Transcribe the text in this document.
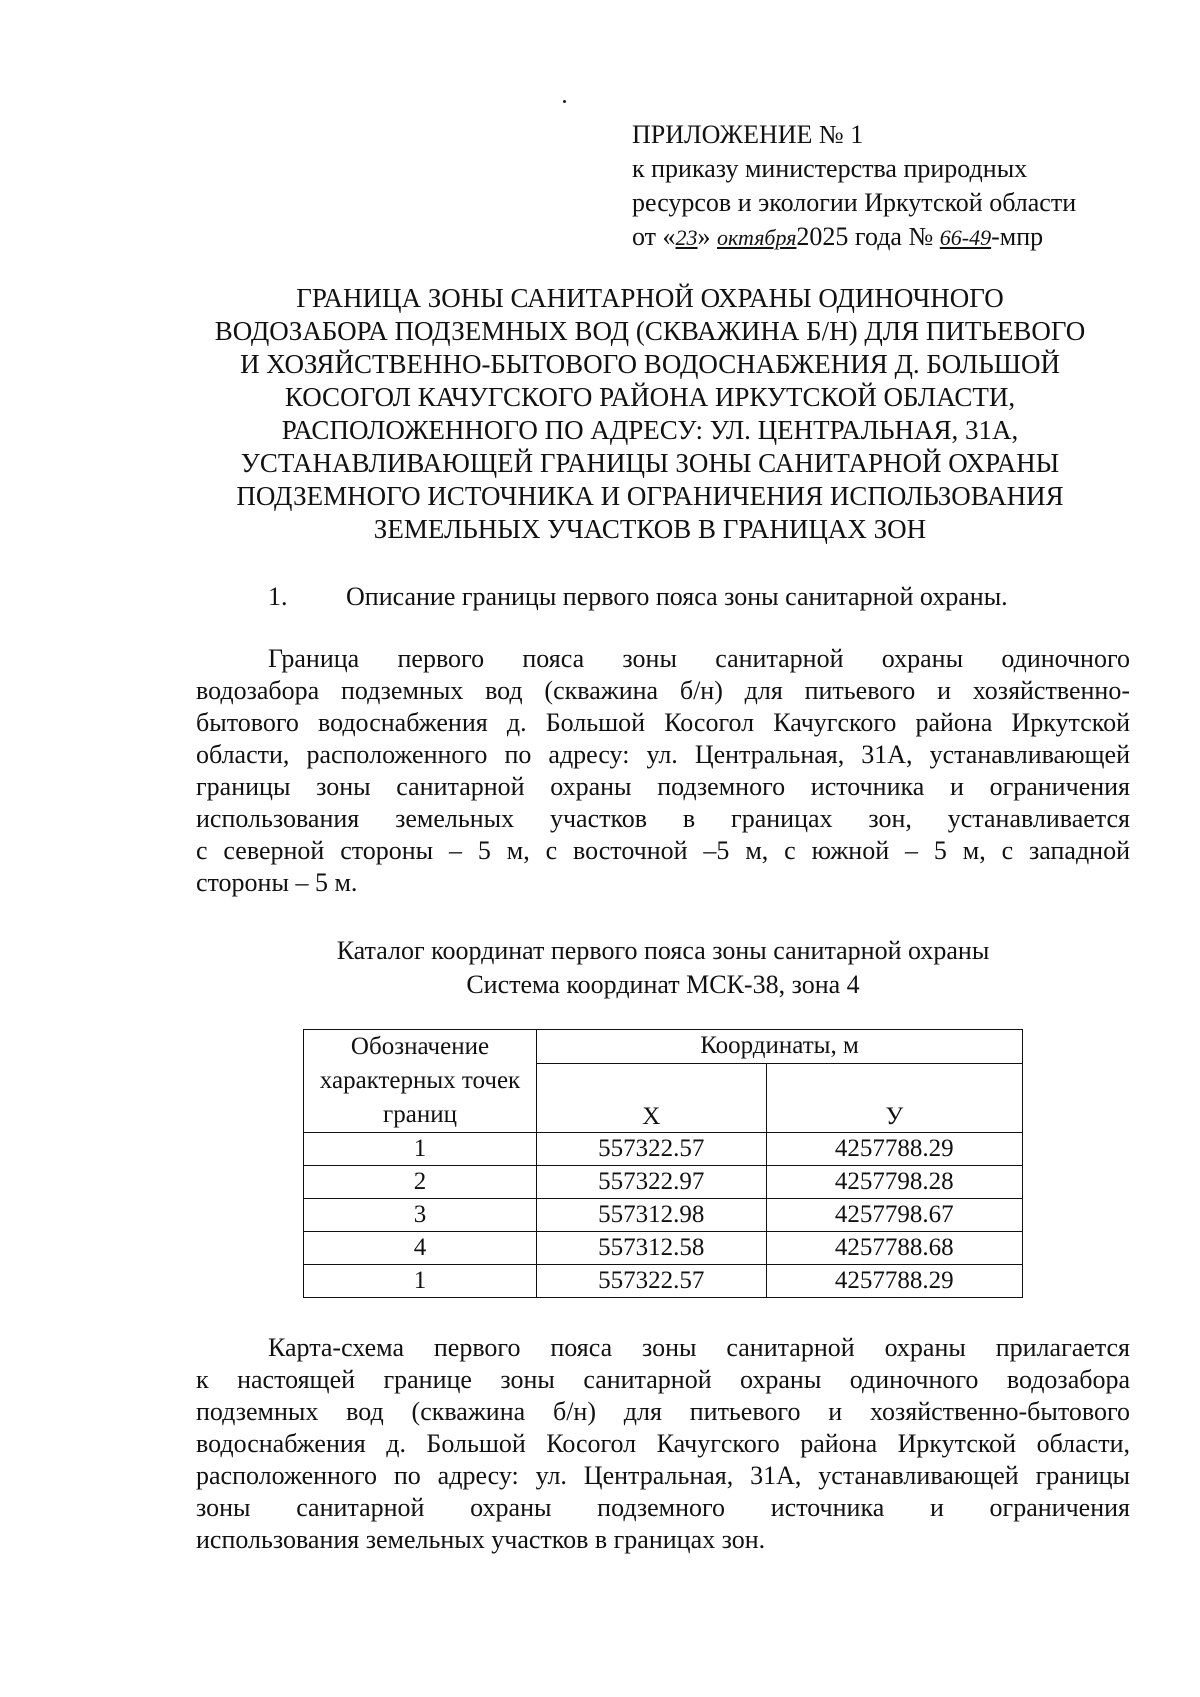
ПРИЛОЖЕНИЕ № 1
к приказу министерства природных
ресурсов и экологии Иркутской области
от «23» октября2025 года № 66-49-мпр
ГРАНИЦА ЗОНЫ САНИТАРНОЙ ОХРАНЫ ОДИНОЧНОГО
ВОДОЗАБОРА ПОДЗЕМНЫХ ВОД (СКВАЖИНА Б/Н) ДЛЯ ПИТЬЕВОГО
И ХОЗЯЙСТВЕННО-БЫТОВОГО ВОДОСНАБЖЕНИЯ Д. БОЛЬШОЙ
КОСОГОЛ КАЧУГСКОГО РАЙОНА ИРКУТСКОЙ ОБЛАСТИ,
РАСПОЛОЖЕННОГО ПО АДРЕСУ: УЛ. ЦЕНТРАЛЬНАЯ, 31А,
УСТАНАВЛИВАЮЩЕЙ ГРАНИЦЫ ЗОНЫ САНИТАРНОЙ ОХРАНЫ
ПОДЗЕМНОГО ИСТОЧНИКА И ОГРАНИЧЕНИЯ ИСПОЛЬЗОВАНИЯ
ЗЕМЕЛЬНЫХ УЧАСТКОВ В ГРАНИЦАХ ЗОН
1. Описание границы первого пояса зоны санитарной охраны.
Граница первого пояса зоны санитарной охраны одиночного
водозабора подземных вод (скважина б/н) для питьевого и хозяйственно-
бытового водоснабжения д. Большой Косогол Качугского района Иркутской
области, расположенного по адресу: ул. Центральная, 31А, устанавливающей
границы зоны санитарной охраны подземного источника и ограничения
использования земельных участков в границах зон, устанавливается
с северной стороны – 5 м, с восточной –5 м, с южной – 5 м, с западной
стороны – 5 м.
Каталог координат первого пояса зоны санитарной охраны
Система координат МСК-38, зона 4
Обозначение характерных точек границ	Координаты, м	
	X	У
1	557322.57	4257788.29
2	557322.97	4257798.28
3	557312.98	4257798.67
4	557312.58	4257788.68
1	557322.57	4257788.29
Карта-схема первого пояса зоны санитарной охраны прилагается
к настоящей границе зоны санитарной охраны одиночного водозабора
подземных вод (скважина б/н) для питьевого и хозяйственно-бытового
водоснабжения д. Большой Косогол Качугского района Иркутской области,
расположенного по адресу: ул. Центральная, 31А, устанавливающей границы
зоны санитарной охраны подземного источника и ограничения
использования земельных участков в границах зон.
